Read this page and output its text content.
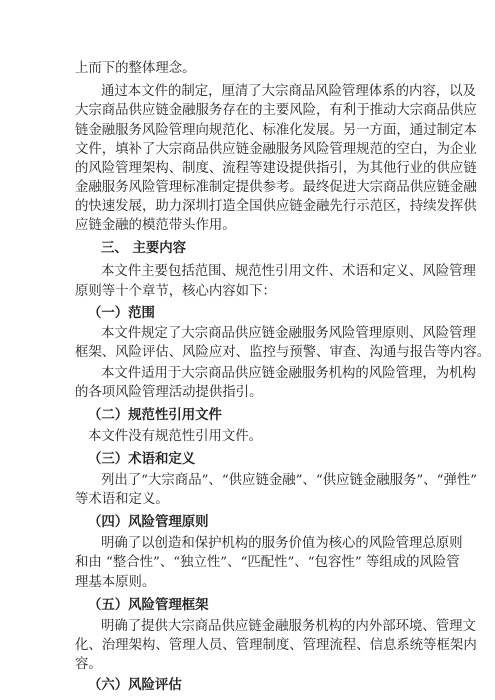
上而下的整体理念。
通过本文件的制定，厘清了大宗商品风险管理体系的内容，以及
大宗商品供应链金融服务存在的主要风险，有利于推动大宗商品供应
链金融服务风险管理向规范化、标准化发展。另一方面，通过制定本
文件，填补了大宗商品供应链金融服务风险管理规范的空白，为企业
的风险管理架构、制度、流程等建设提供指引，为其他行业的供应链
金融服务风险管理标准制定提供参考。最终促进大宗商品供应链金融
的快速发展，助力深圳打造全国供应链金融先行示范区，持续发挥供
应链金融的模范带头作用。
三、 主要内容
本文件主要包括范围、规范性引用文件、术语和定义、风险管理
原则等十个章节，核心内容如下：
（一）范围
本文件规定了大宗商品供应链金融服务风险管理原则、风险管理
框架、风险评估、风险应对、监控与预警、审查、沟通与报告等内容。
本文件适用于大宗商品供应链金融服务机构的风险管理，为机构
的各项风险管理活动提供指引。
（二）规范性引用文件
本文件没有规范性引用文件。
（三）术语和定义
列出了“大宗商品”、“供应链金融”、“供应链金融服务”、“弹性”
等术语和定义。
（四）风险管理原则
明确了以创造和保护机构的服务价值为核心的风险管理总原则
和由 “整合性”、“独立性”、“匹配性”、“包容性” 等组成的风险管
理基本原则。
（五）风险管理框架
明确了提供大宗商品供应链金融服务机构的内外部环境、管理文
化、治理架构、管理人员、管理制度、管理流程、信息系统等框架内
容。
（六）风险评估
